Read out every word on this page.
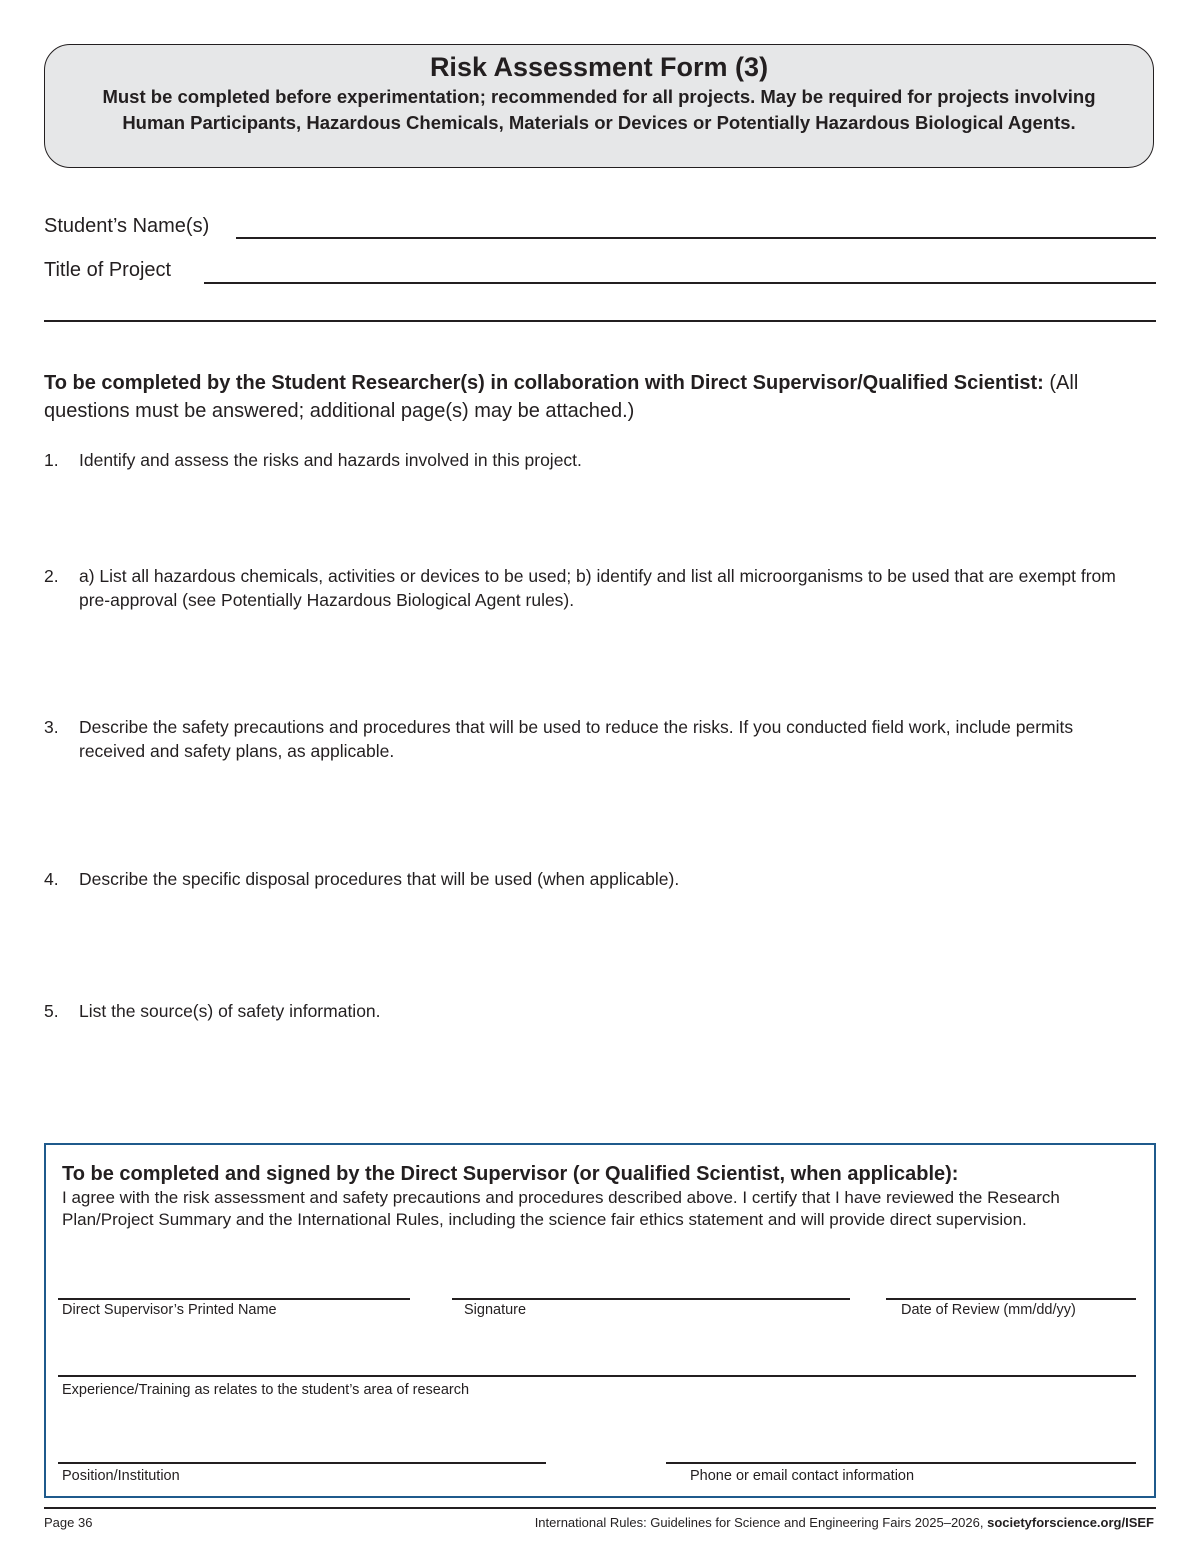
Risk Assessment Form (3)
Must be completed before experimentation; recommended for all projects. May be required for projects involving Human Participants, Hazardous Chemicals, Materials or Devices or Potentially Hazardous Biological Agents.
Student’s Name(s)
Title of Project
To be completed by the Student Researcher(s) in collaboration with Direct Supervisor/Qualified Scientist: (All questions must be answered; additional page(s) may be attached.)
1.	Identify and assess the risks and hazards involved in this project.
2.	a) List all hazardous chemicals, activities or devices to be used; b) identify and list all microorganisms to be used that are exempt from pre-approval (see Potentially Hazardous Biological Agent rules).
3.	Describe the safety precautions and procedures that will be used to reduce the risks. If you conducted field work, include permits received and safety plans, as applicable.
4.	Describe the specific disposal procedures that will be used (when applicable).
5.	List the source(s) of safety information.
To be completed and signed by the Direct Supervisor (or Qualified Scientist, when applicable):
I agree with the risk assessment and safety precautions and procedures described above. I certify that I have reviewed the Research Plan/Project Summary and the International Rules, including the science fair ethics statement and will provide direct supervision.
Direct Supervisor’s Printed Name	Signature	Date of Review (mm/dd/yy)
Experience/Training as relates to the student’s area of research
Position/Institution	Phone or email contact information
Page 36	International Rules: Guidelines for Science and Engineering Fairs 2025–2026, societyforscience.org/ISEF
